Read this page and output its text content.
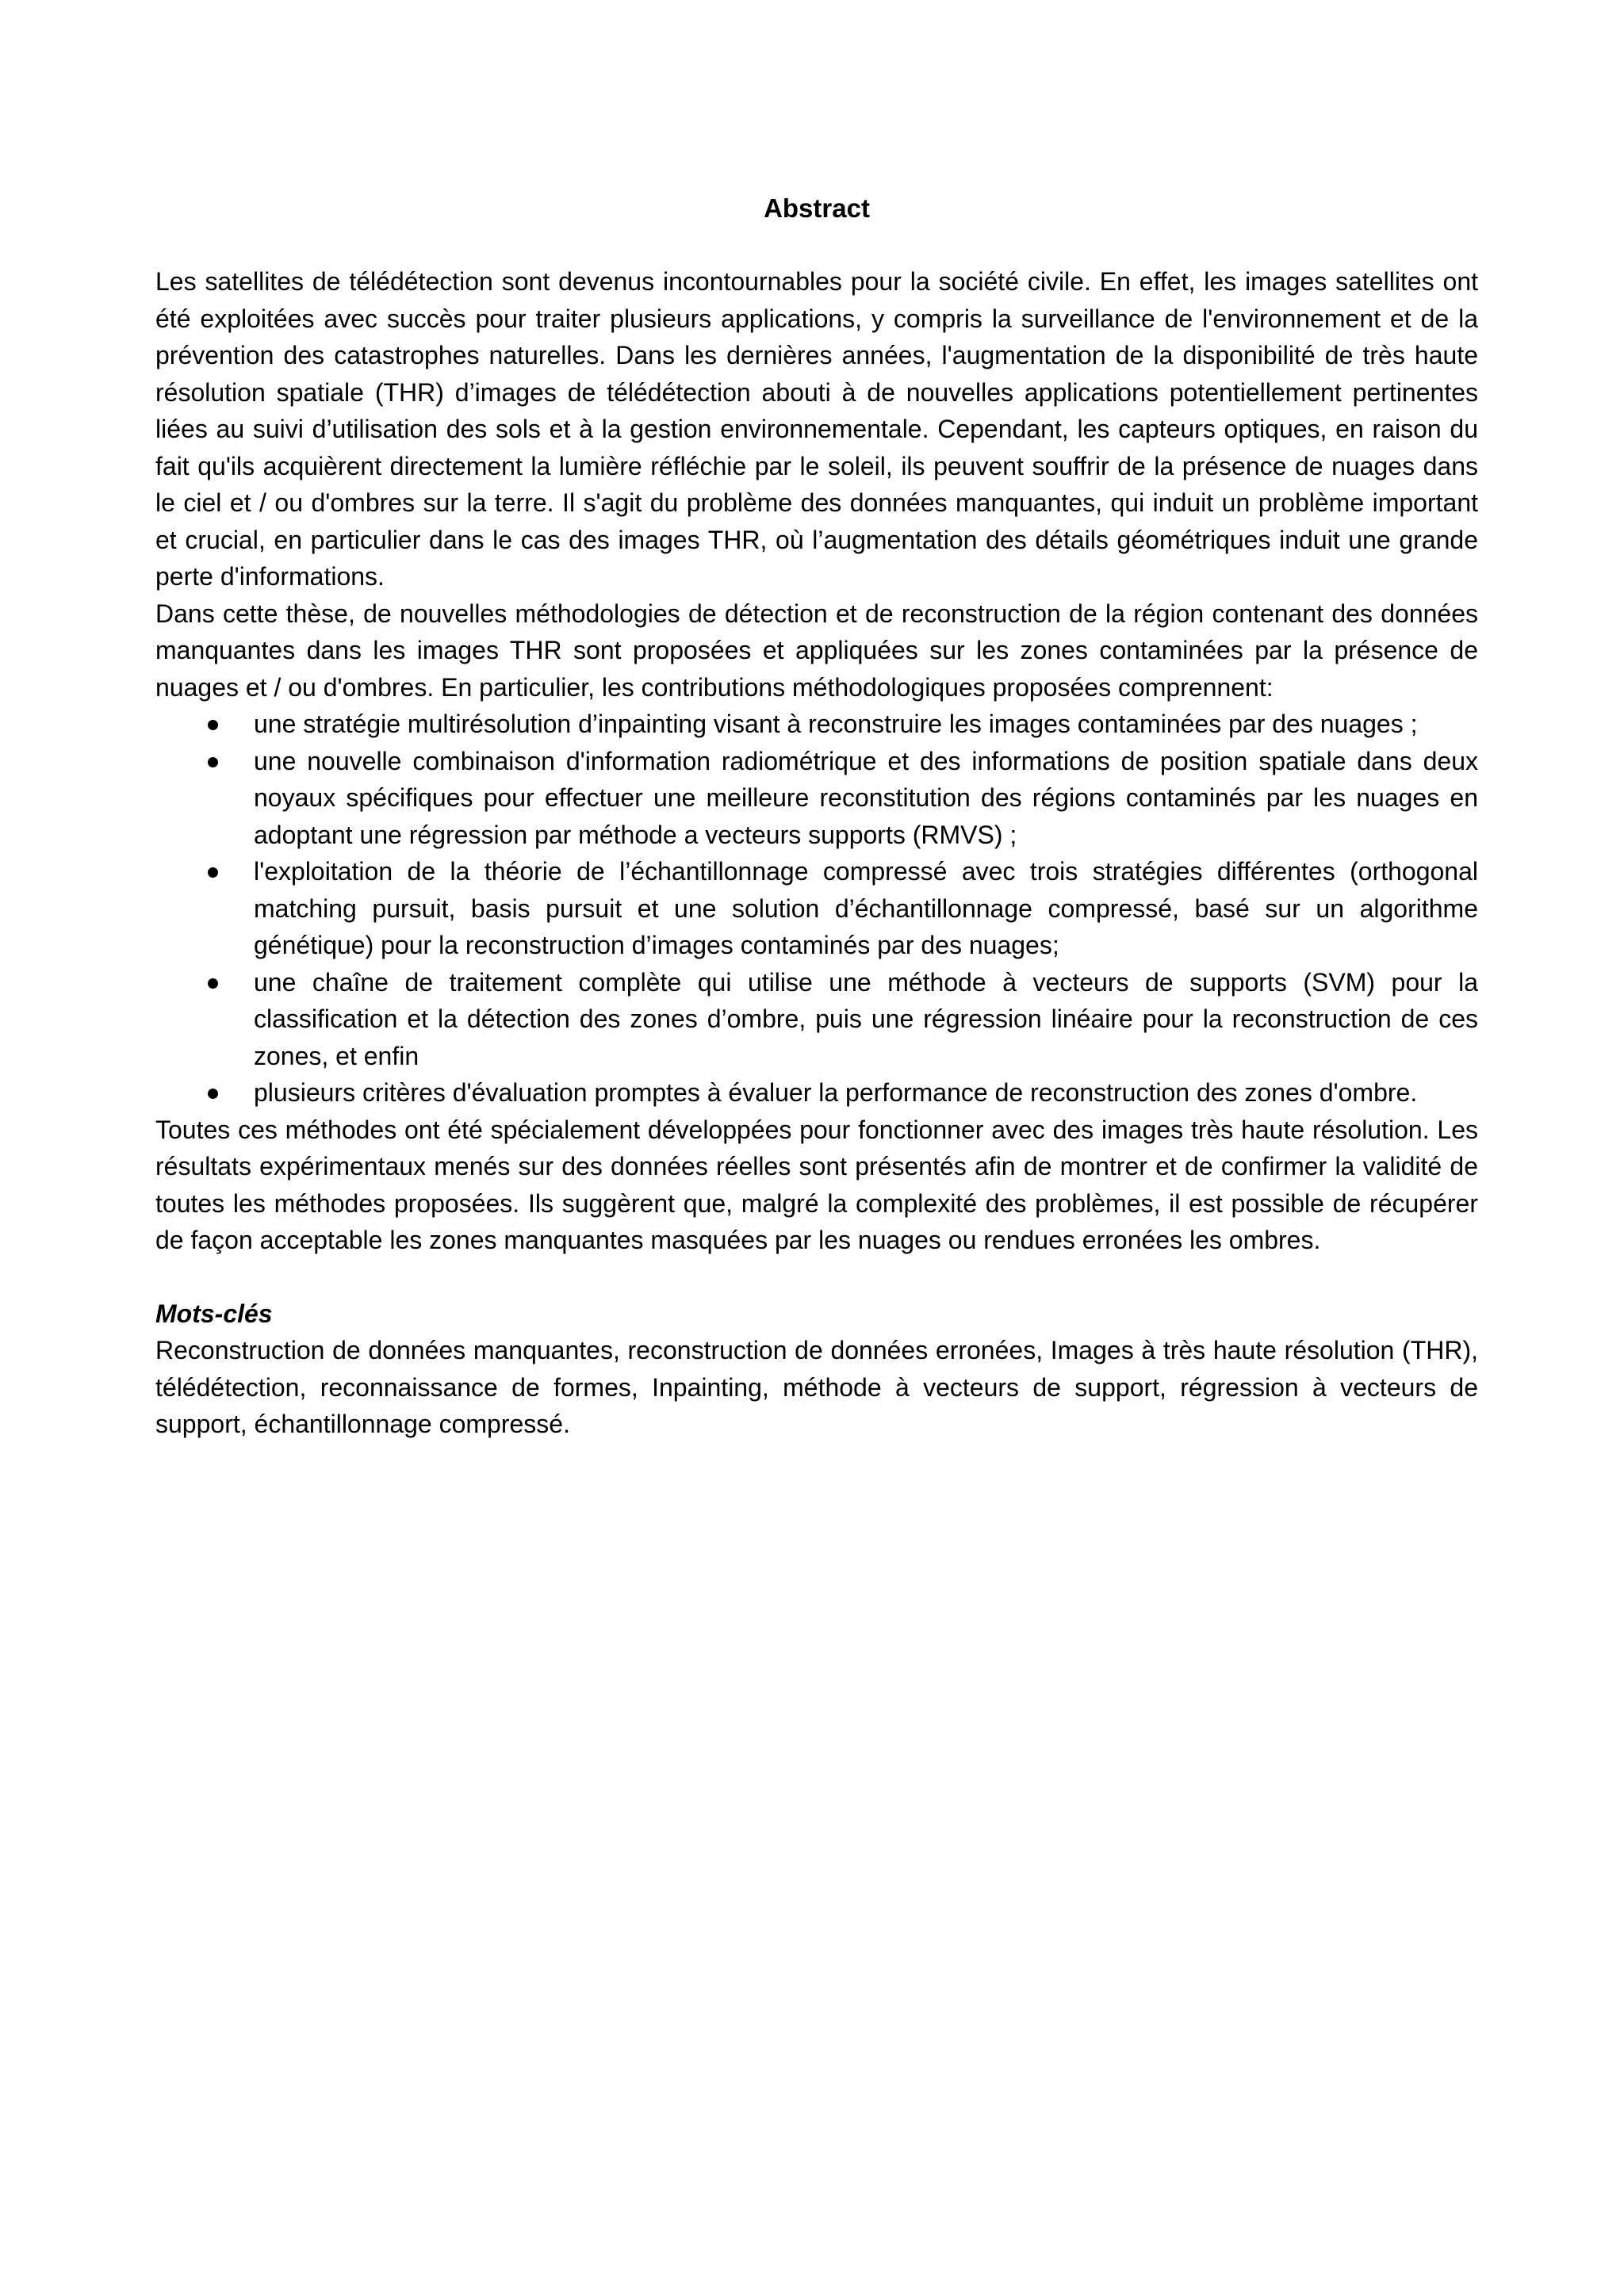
Abstract

Les satellites de télédétection sont devenus incontournables pour la société civile. En effet, les images satellites ont été exploitées avec succès pour traiter plusieurs applications, y compris la surveillance de l'environnement et de la prévention des catastrophes naturelles. Dans les dernières années, l'augmentation de la disponibilité de très haute résolution spatiale (THR) d’images de télédétection abouti à de nouvelles applications potentiellement pertinentes liées au suivi d’utilisation des sols et à la gestion environnementale. Cependant, les capteurs optiques, en raison du fait qu'ils acquièrent directement la lumière réfléchie par le soleil, ils peuvent souffrir de la présence de nuages dans le ciel et / ou d'ombres sur la terre. Il s'agit du problème des données manquantes, qui induit un problème important et crucial, en particulier dans le cas des images THR, où l’augmentation des détails géométriques induit une grande perte d'informations.

Dans cette thèse, de nouvelles méthodologies de détection et de reconstruction de la région contenant des données manquantes dans les images THR sont proposées et appliquées sur les zones contaminées par la présence de nuages et / ou d'ombres. En particulier, les contributions méthodologiques proposées comprennent:

une stratégie multirésolution d’inpainting visant à reconstruire les images contaminées par des nuages ;
une nouvelle combinaison d'information radiométrique et des informations de position spatiale dans deux noyaux spécifiques pour effectuer une meilleure reconstitution des régions contaminés par les nuages en adoptant une régression par méthode a vecteurs supports (RMVS) ;
l'exploitation de la théorie de l’échantillonnage compressé avec trois stratégies différentes (orthogonal matching pursuit, basis pursuit et une solution d’échantillonnage compressé, basé sur un algorithme génétique) pour la reconstruction d’images contaminés par des nuages;
une chaîne de traitement complète qui utilise une méthode à vecteurs de supports (SVM) pour la classification et la détection des zones d’ombre, puis une régression linéaire pour la reconstruction de ces zones, et enfin
plusieurs critères d'évaluation promptes à évaluer la performance de reconstruction des zones d'ombre.

Toutes ces méthodes ont été spécialement développées pour fonctionner avec des images très haute résolution. Les résultats expérimentaux menés sur des données réelles sont présentés afin de montrer et de confirmer la validité de toutes les méthodes proposées. Ils suggèrent que, malgré la complexité des problèmes, il est possible de récupérer de façon acceptable les zones manquantes masquées par les nuages ou rendues erronées les ombres.

Mots-clés

Reconstruction de données manquantes, reconstruction de données erronées, Images à très haute résolution (THR), télédétection, reconnaissance de formes, Inpainting, méthode à vecteurs de support, régression à vecteurs de support, échantillonnage compressé.
